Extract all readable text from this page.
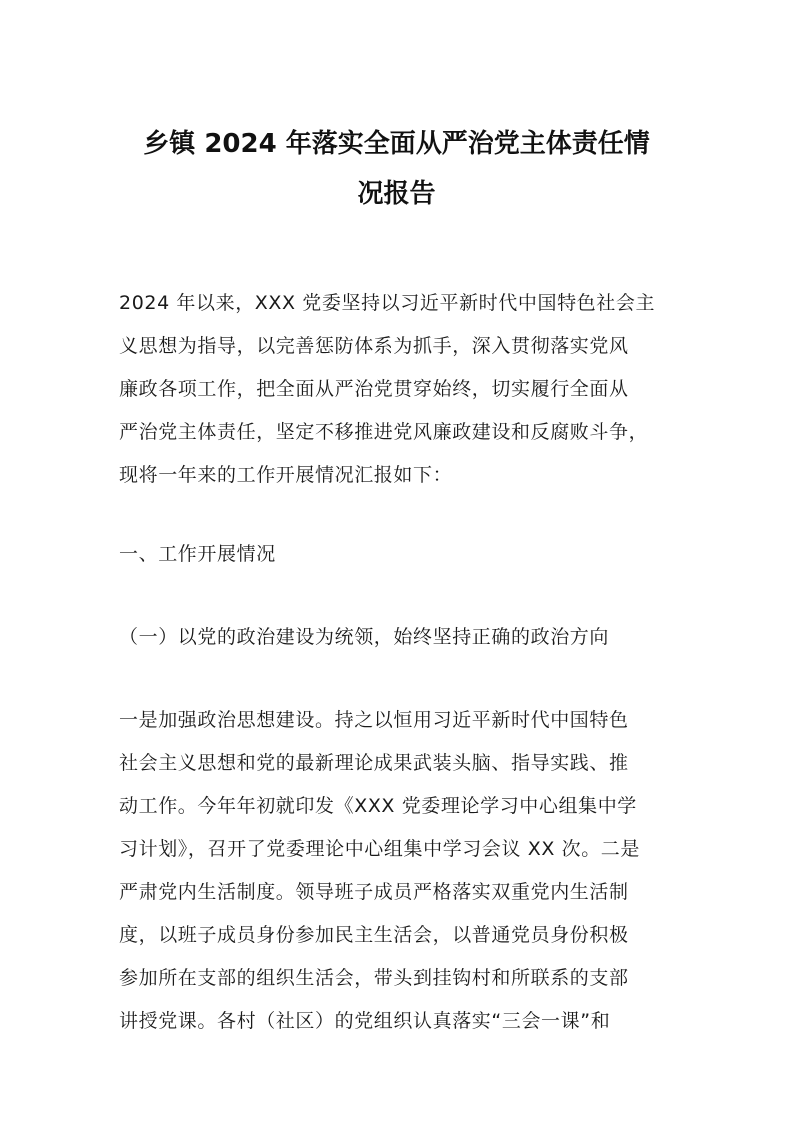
乡镇 2024 年落实全面从严治党主体责任情
况报告
2024 年以来，XXX 党委坚持以习近平新时代中国特色社会主
义思想为指导，以完善惩防体系为抓手，深入贯彻落实党风
廉政各项工作，把全面从严治党贯穿始终，切实履行全面从
严治党主体责任，坚定不移推进党风廉政建设和反腐败斗争，
现将一年来的工作开展情况汇报如下：
一、工作开展情况
（一）以党的政治建设为统领，始终坚持正确的政治方向
一是加强政治思想建设。持之以恒用习近平新时代中国特色
社会主义思想和党的最新理论成果武装头脑、指导实践、推
动工作。今年年初就印发《XXX 党委理论学习中心组集中学
习计划》，召开了党委理论中心组集中学习会议 XX 次。二是
严肃党内生活制度。领导班子成员严格落实双重党内生活制
度，以班子成员身份参加民主生活会，以普通党员身份积极
参加所在支部的组织生活会，带头到挂钩村和所联系的支部
讲授党课。各村（社区）的党组织认真落实“三会一课”和
